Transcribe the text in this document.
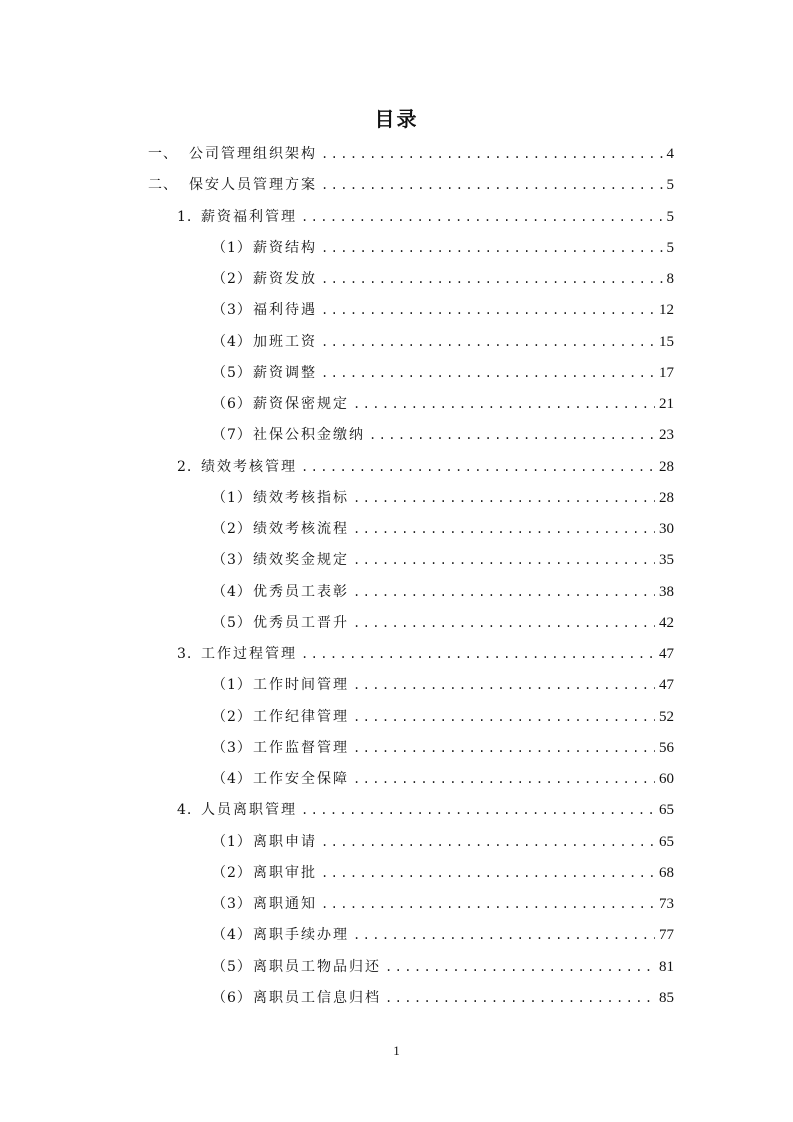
目录
一、 公司管理组织架构 .....	4
二、 保安人员管理方案 .....	5
1. 薪资福利管理 .....	5
（1） 薪资结构 .....	5
（2） 薪资发放 .....	8
（3） 福利待遇 .....	12
（4） 加班工资 .....	15
（5） 薪资调整 .....	17
（6） 薪资保密规定 .....	21
（7） 社保公积金缴纳 .....	23
2. 绩效考核管理 .....	28
（1） 绩效考核指标 .....	28
（2） 绩效考核流程 .....	30
（3） 绩效奖金规定 .....	35
（4） 优秀员工表彰 .....	38
（5） 优秀员工晋升 .....	42
3. 工作过程管理 .....	47
（1） 工作时间管理 .....	47
（2） 工作纪律管理 .....	52
（3） 工作监督管理 .....	56
（4） 工作安全保障 .....	60
4. 人员离职管理 .....	65
（1） 离职申请 .....	65
（2） 离职审批 .....	68
（3） 离职通知 .....	73
（4） 离职手续办理 .....	77
（5） 离职员工物品归还 .....	81
（6） 离职员工信息归档 .....	85
1
